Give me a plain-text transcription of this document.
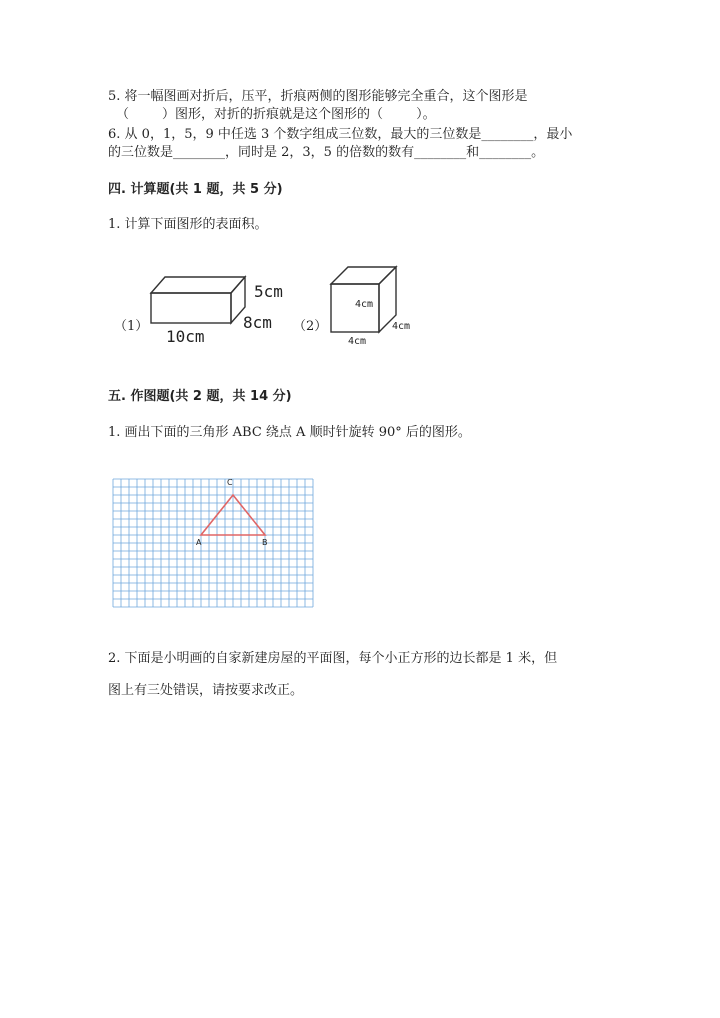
5. 将一幅图画对折后，压平，折痕两侧的图形能够完全重合，这个图形是
（        ）图形，对折的折痕就是这个图形的（        ）。
6. 从 0，1，5，9 中任选 3 个数字组成三位数，最大的三位数是________，最小
的三位数是________，同时是 2，3，5 的倍数的数有________和________。
四. 计算题(共 1 题，共 5 分)
1. 计算下面图形的表面积。
（1）
5cm
8cm
10cm
（2）
4cm
4cm
4cm
五. 作图题(共 2 题，共 14 分)
1. 画出下面的三角形 ABC 绕点 A 顺时针旋转 90° 后的图形。
C
A	B
2. 下面是小明画的自家新建房屋的平面图，每个小正方形的边长都是 1 米，但
图上有三处错误，请按要求改正。
